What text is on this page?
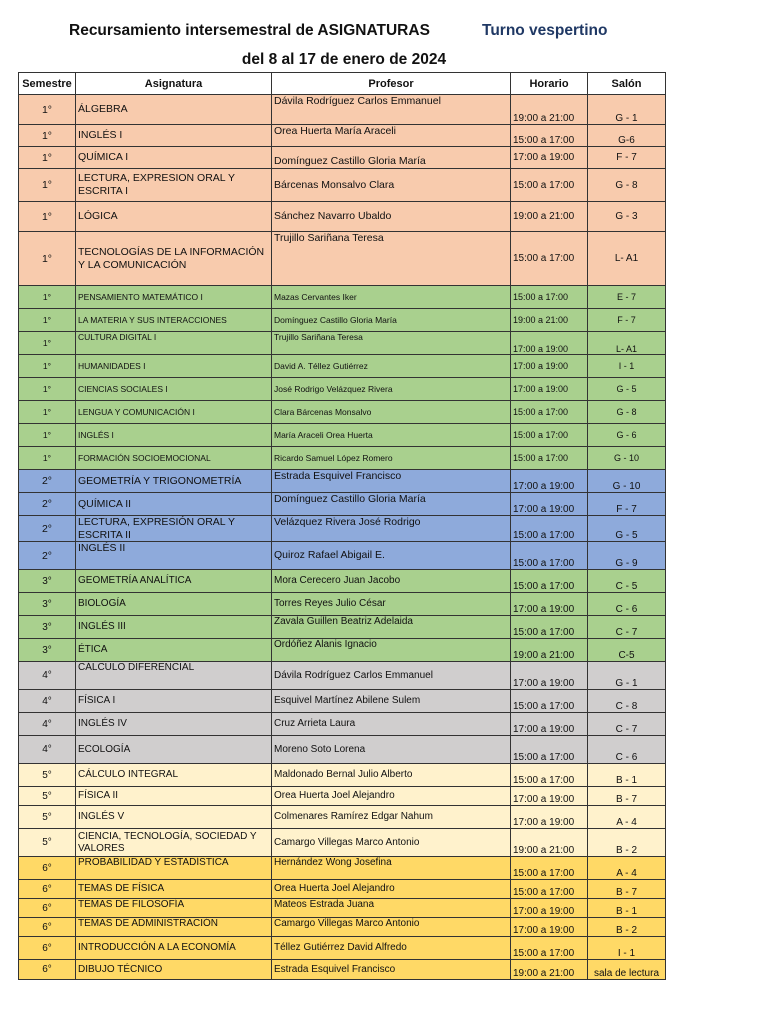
Recursamiento intersemestral de ASIGNATURAS	Turno vespertino
del 8 al 17 de enero de 2024
Semestre	Asignatura	Profesor	Horario	Salón
1°	ÁLGEBRA	Dávila Rodríguez Carlos Emmanuel	19:00 a 21:00	G - 1
1°	INGLÉS I	Orea Huerta María Araceli	15:00 a 17:00	G-6
1°	QUÍMICA I	Domínguez Castillo Gloria María	17:00 a 19:00	F - 7
1°	LECTURA, EXPRESION ORAL Y ESCRITA I	Bárcenas Monsalvo Clara	15:00 a 17:00	G - 8
1°	LÓGICA	Sánchez Navarro Ubaldo	19:00 a 21:00	G - 3
1°	TECNOLOGÍAS DE LA INFORMACIÓN Y LA COMUNICACIÓN	Trujillo Sariñana Teresa	15:00 a 17:00	L- A1
1°	PENSAMIENTO MATEMÁTICO I	Mazas Cervantes Iker	15:00 a 17:00	E - 7
1°	LA MATERIA Y SUS INTERACCIONES	Domínguez Castillo Gloria María	19:00 a 21:00	F - 7
1°	CULTURA DIGITAL I	Trujillo Sariñana Teresa	17:00 a 19:00	L- A1
1°	HUMANIDADES I	David A. Téllez Gutiérrez	17:00 a 19:00	I - 1
1°	CIENCIAS SOCIALES I	José Rodrigo Velázquez Rivera	17:00 a 19:00	G - 5
1°	LENGUA Y COMUNICACIÓN I	Clara Bárcenas Monsalvo	15:00 a 17:00	G - 8
1°	INGLÉS I	María Araceli Orea Huerta	15:00 a 17:00	G - 6
1°	FORMACIÓN SOCIOEMOCIONAL	Ricardo Samuel López Romero	15:00 a 17:00	G - 10
2°	GEOMETRÍA Y TRIGONOMETRÍA	Estrada Esquivel Francisco	17:00 a 19:00	G - 10
2°	QUÍMICA II	Domínguez Castillo Gloria María	17:00 a 19:00	F - 7
2°	LECTURA, EXPRESIÓN ORAL Y ESCRITA II	Velázquez Rivera José Rodrigo	15:00 a 17:00	G - 5
2°	INGLÉS II	Quiroz Rafael Abigail E.	15:00 a 17:00	G - 9
3°	GEOMETRÍA ANALÍTICA	Mora Cerecero Juan Jacobo	15:00 a 17:00	C - 5
3°	BIOLOGÍA	Torres Reyes Julio César	17:00 a 19:00	C - 6
3°	INGLÉS III	Zavala Guillen Beatriz Adelaida	15:00 a 17:00	C - 7
3°	ÉTICA	Ordóñez Alanis Ignacio	19:00 a 21:00	C-5
4°	CÁLCULO DIFERENCIAL	Dávila Rodríguez Carlos Emmanuel	17:00 a 19:00	G - 1
4°	FÍSICA I	Esquivel Martínez Abilene Sulem	15:00 a 17:00	C - 8
4°	INGLÉS IV	Cruz Arrieta Laura	17:00 a 19:00	C - 7
4°	ECOLOGÍA	Moreno Soto Lorena	15:00 a 17:00	C - 6
5°	CÁLCULO INTEGRAL	Maldonado Bernal Julio Alberto	15:00 a 17:00	B - 1
5°	FÍSICA II	Orea Huerta Joel Alejandro	17:00 a 19:00	B - 7
5°	INGLÉS V	Colmenares Ramírez Edgar Nahum	17:00 a 19:00	A - 4
5°	CIENCIA, TECNOLOGÍA, SOCIEDAD Y VALORES	Camargo Villegas Marco Antonio	19:00 a 21:00	B - 2
6°	PROBABILIDAD Y ESTADÍSTICA	Hernández Wong Josefina	15:00 a 17:00	A - 4
6°	TEMAS DE FÍSICA	Orea Huerta Joel Alejandro	15:00 a 17:00	B - 7
6°	TEMAS DE FILOSOFÍA	Mateos Estrada Juana	17:00 a 19:00	B - 1
6°	TEMAS DE ADMINISTRACIÓN	Camargo Villegas Marco Antonio	17:00 a 19:00	B - 2
6°	INTRODUCCIÓN A LA ECONOMÍA	Téllez Gutiérrez David Alfredo	15:00 a 17:00	I - 1
6°	DIBUJO TÉCNICO	Estrada Esquivel Francisco	19:00 a 21:00	sala de lectura
